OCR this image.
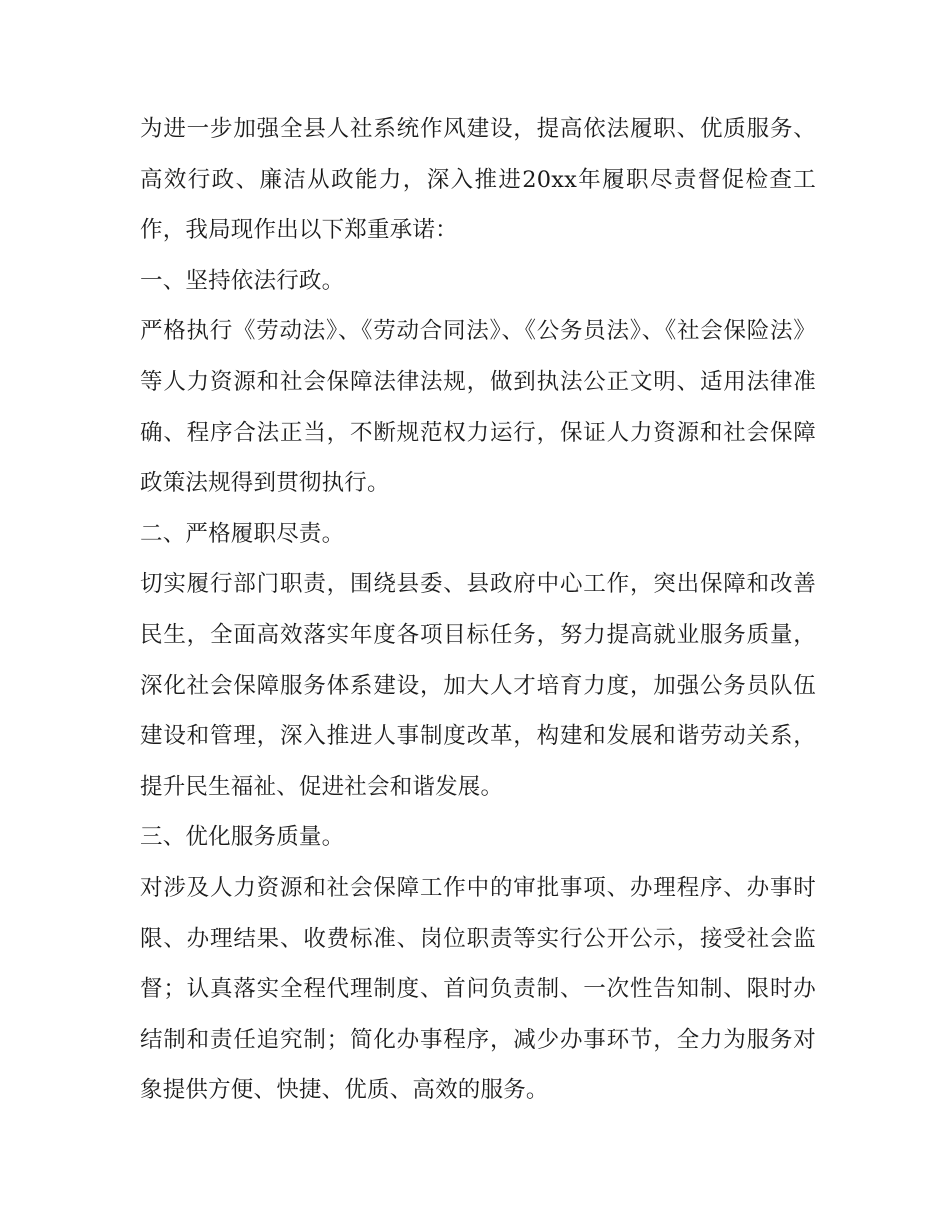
为进一步加强全县人社系统作风建设，提高依法履职、优质服务、高效行政、廉洁从政能力，深入推进20xx年履职尽责督促检查工作，我局现作出以下郑重承诺：

一、坚持依法行政。

严格执行《劳动法》、《劳动合同法》、《公务员法》、《社会保险法》等人力资源和社会保障法律法规，做到执法公正文明、适用法律准确、程序合法正当，不断规范权力运行，保证人力资源和社会保障政策法规得到贯彻执行。

二、严格履职尽责。

切实履行部门职责，围绕县委、县政府中心工作，突出保障和改善民生，全面高效落实年度各项目标任务，努力提高就业服务质量，深化社会保障服务体系建设，加大人才培育力度，加强公务员队伍建设和管理，深入推进人事制度改革，构建和发展和谐劳动关系，提升民生福祉、促进社会和谐发展。

三、优化服务质量。

对涉及人力资源和社会保障工作中的审批事项、办理程序、办事时限、办理结果、收费标准、岗位职责等实行公开公示，接受社会监督；认真落实全程代理制度、首问负责制、一次性告知制、限时办结制和责任追究制；简化办事程序，减少办事环节，全力为服务对象提供方便、快捷、优质、高效的服务。
